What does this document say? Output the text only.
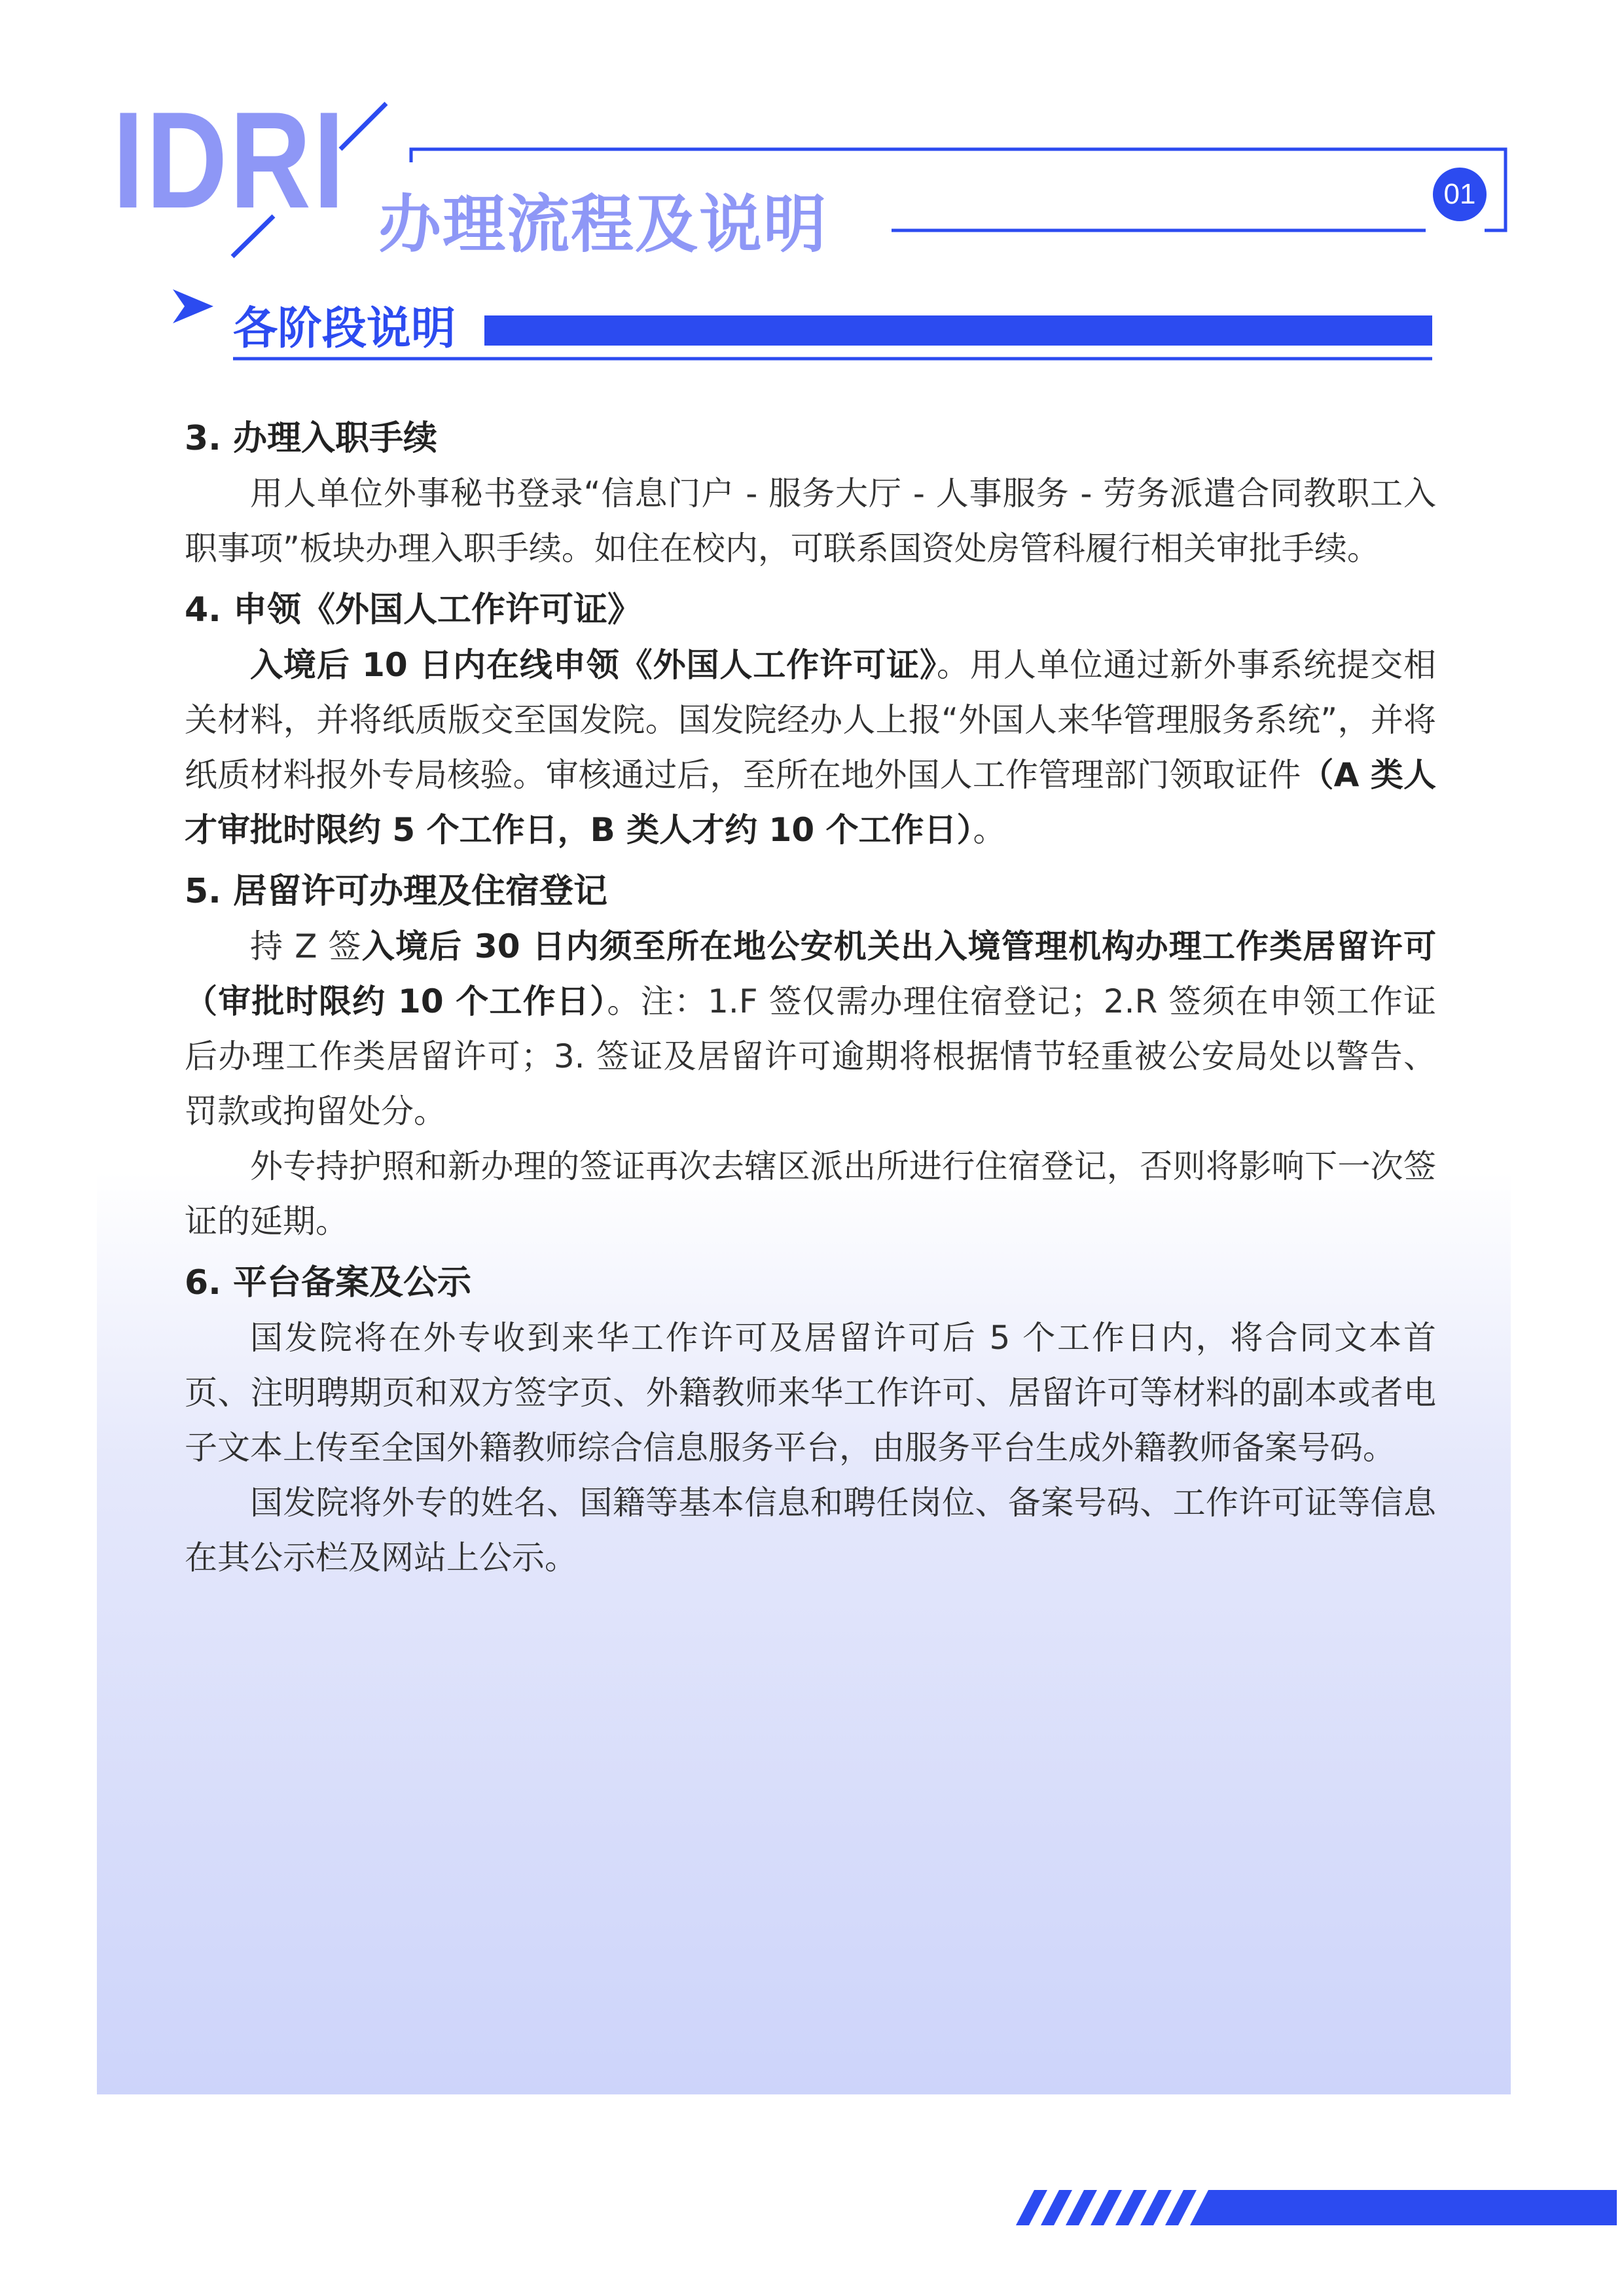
IDRI 办理流程及说明	01
各阶段说明
3. 办理入职手续

用人单位外事秘书登录“信息门户 - 服务大厅 - 人事服务 - 劳务派遣合同教职工入职事项”板块办理入职手续。如住在校内，可联系国资处房管科履行相关审批手续。

4. 申领《外国人工作许可证》

入境后 10 日内在线申领《外国人工作许可证》。用人单位通过新外事系统提交相关材料，并将纸质版交至国发院。国发院经办人上报“外国人来华管理服务系统”，并将纸质材料报外专局核验。审核通过后，至所在地外国人工作管理部门领取证件（A 类人才审批时限约 5 个工作日，B 类人才约 10 个工作日）。

5. 居留许可办理及住宿登记

持 Z 签入境后 30 日内须至所在地公安机关出入境管理机构办理工作类居留许可（审批时限约 10 个工作日）。注：1.F 签仅需办理住宿登记；2.R 签须在申领工作证后办理工作类居留许可；3. 签证及居留许可逾期将根据情节轻重被公安局处以警告、罚款或拘留处分。

外专持护照和新办理的签证再次去辖区派出所进行住宿登记，否则将影响下一次签证的延期。

6. 平台备案及公示

国发院将在外专收到来华工作许可及居留许可后 5 个工作日内，将合同文本首页、注明聘期页和双方签字页、外籍教师来华工作许可、居留许可等材料的副本或者电子文本上传至全国外籍教师综合信息服务平台，由服务平台生成外籍教师备案号码。

国发院将外专的姓名、国籍等基本信息和聘任岗位、备案号码、工作许可证等信息在其公示栏及网站上公示。
